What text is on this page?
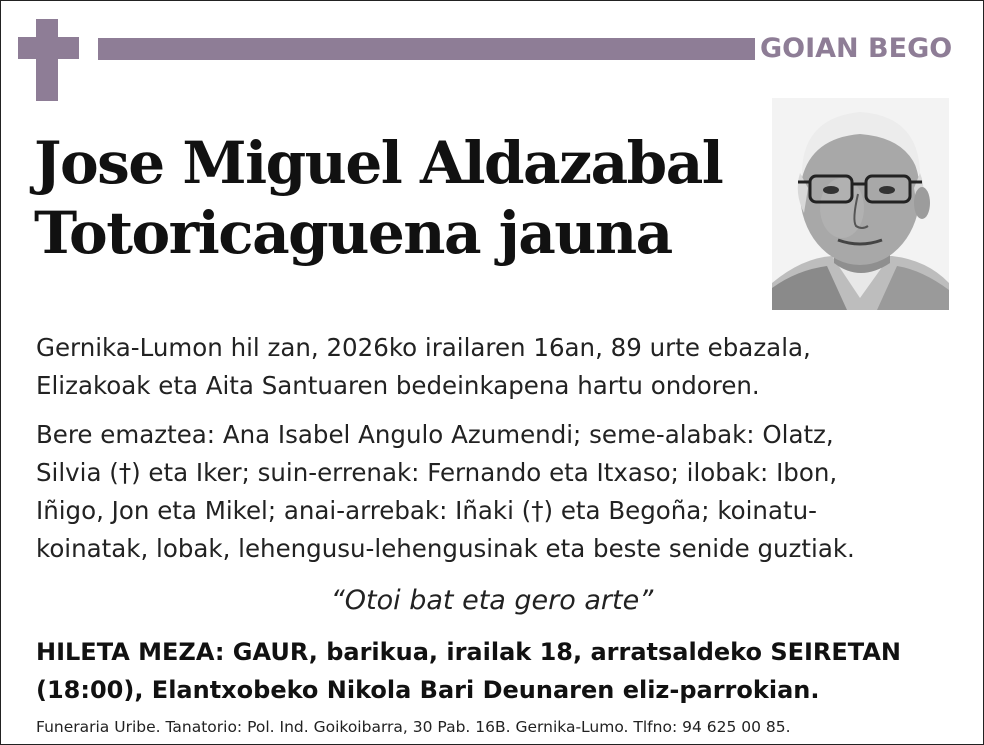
GOIAN BEGO
Jose Miguel Aldazabal
Totoricaguena jauna
Gernika-Lumon hil zan, 2026ko irailaren 16an, 89 urte ebazala,
Elizakoak eta Aita Santuaren bedeinkapena hartu ondoren.
Bere emaztea: Ana Isabel Angulo Azumendi; seme-alabak: Olatz,
Silvia (†) eta Iker; suin-errenak: Fernando eta Itxaso; ilobak: Ibon,
Iñigo, Jon eta Mikel; anai-arrebak: Iñaki (†) eta Begoña; koinatu-
koinatak, lobak, lehengusu-lehengusinak eta beste senide guztiak.
“Otoi bat eta gero arte”
HILETA MEZA: GAUR, barikua, irailak 18, arratsaldeko SEIRETAN
(18:00), Elantxobeko Nikola Bari Deunaren eliz-parrokian.
Funeraria Uribe. Tanatorio: Pol. Ind. Goikoibarra, 30 Pab. 16B. Gernika-Lumo. Tlfno: 94 625 00 85.
